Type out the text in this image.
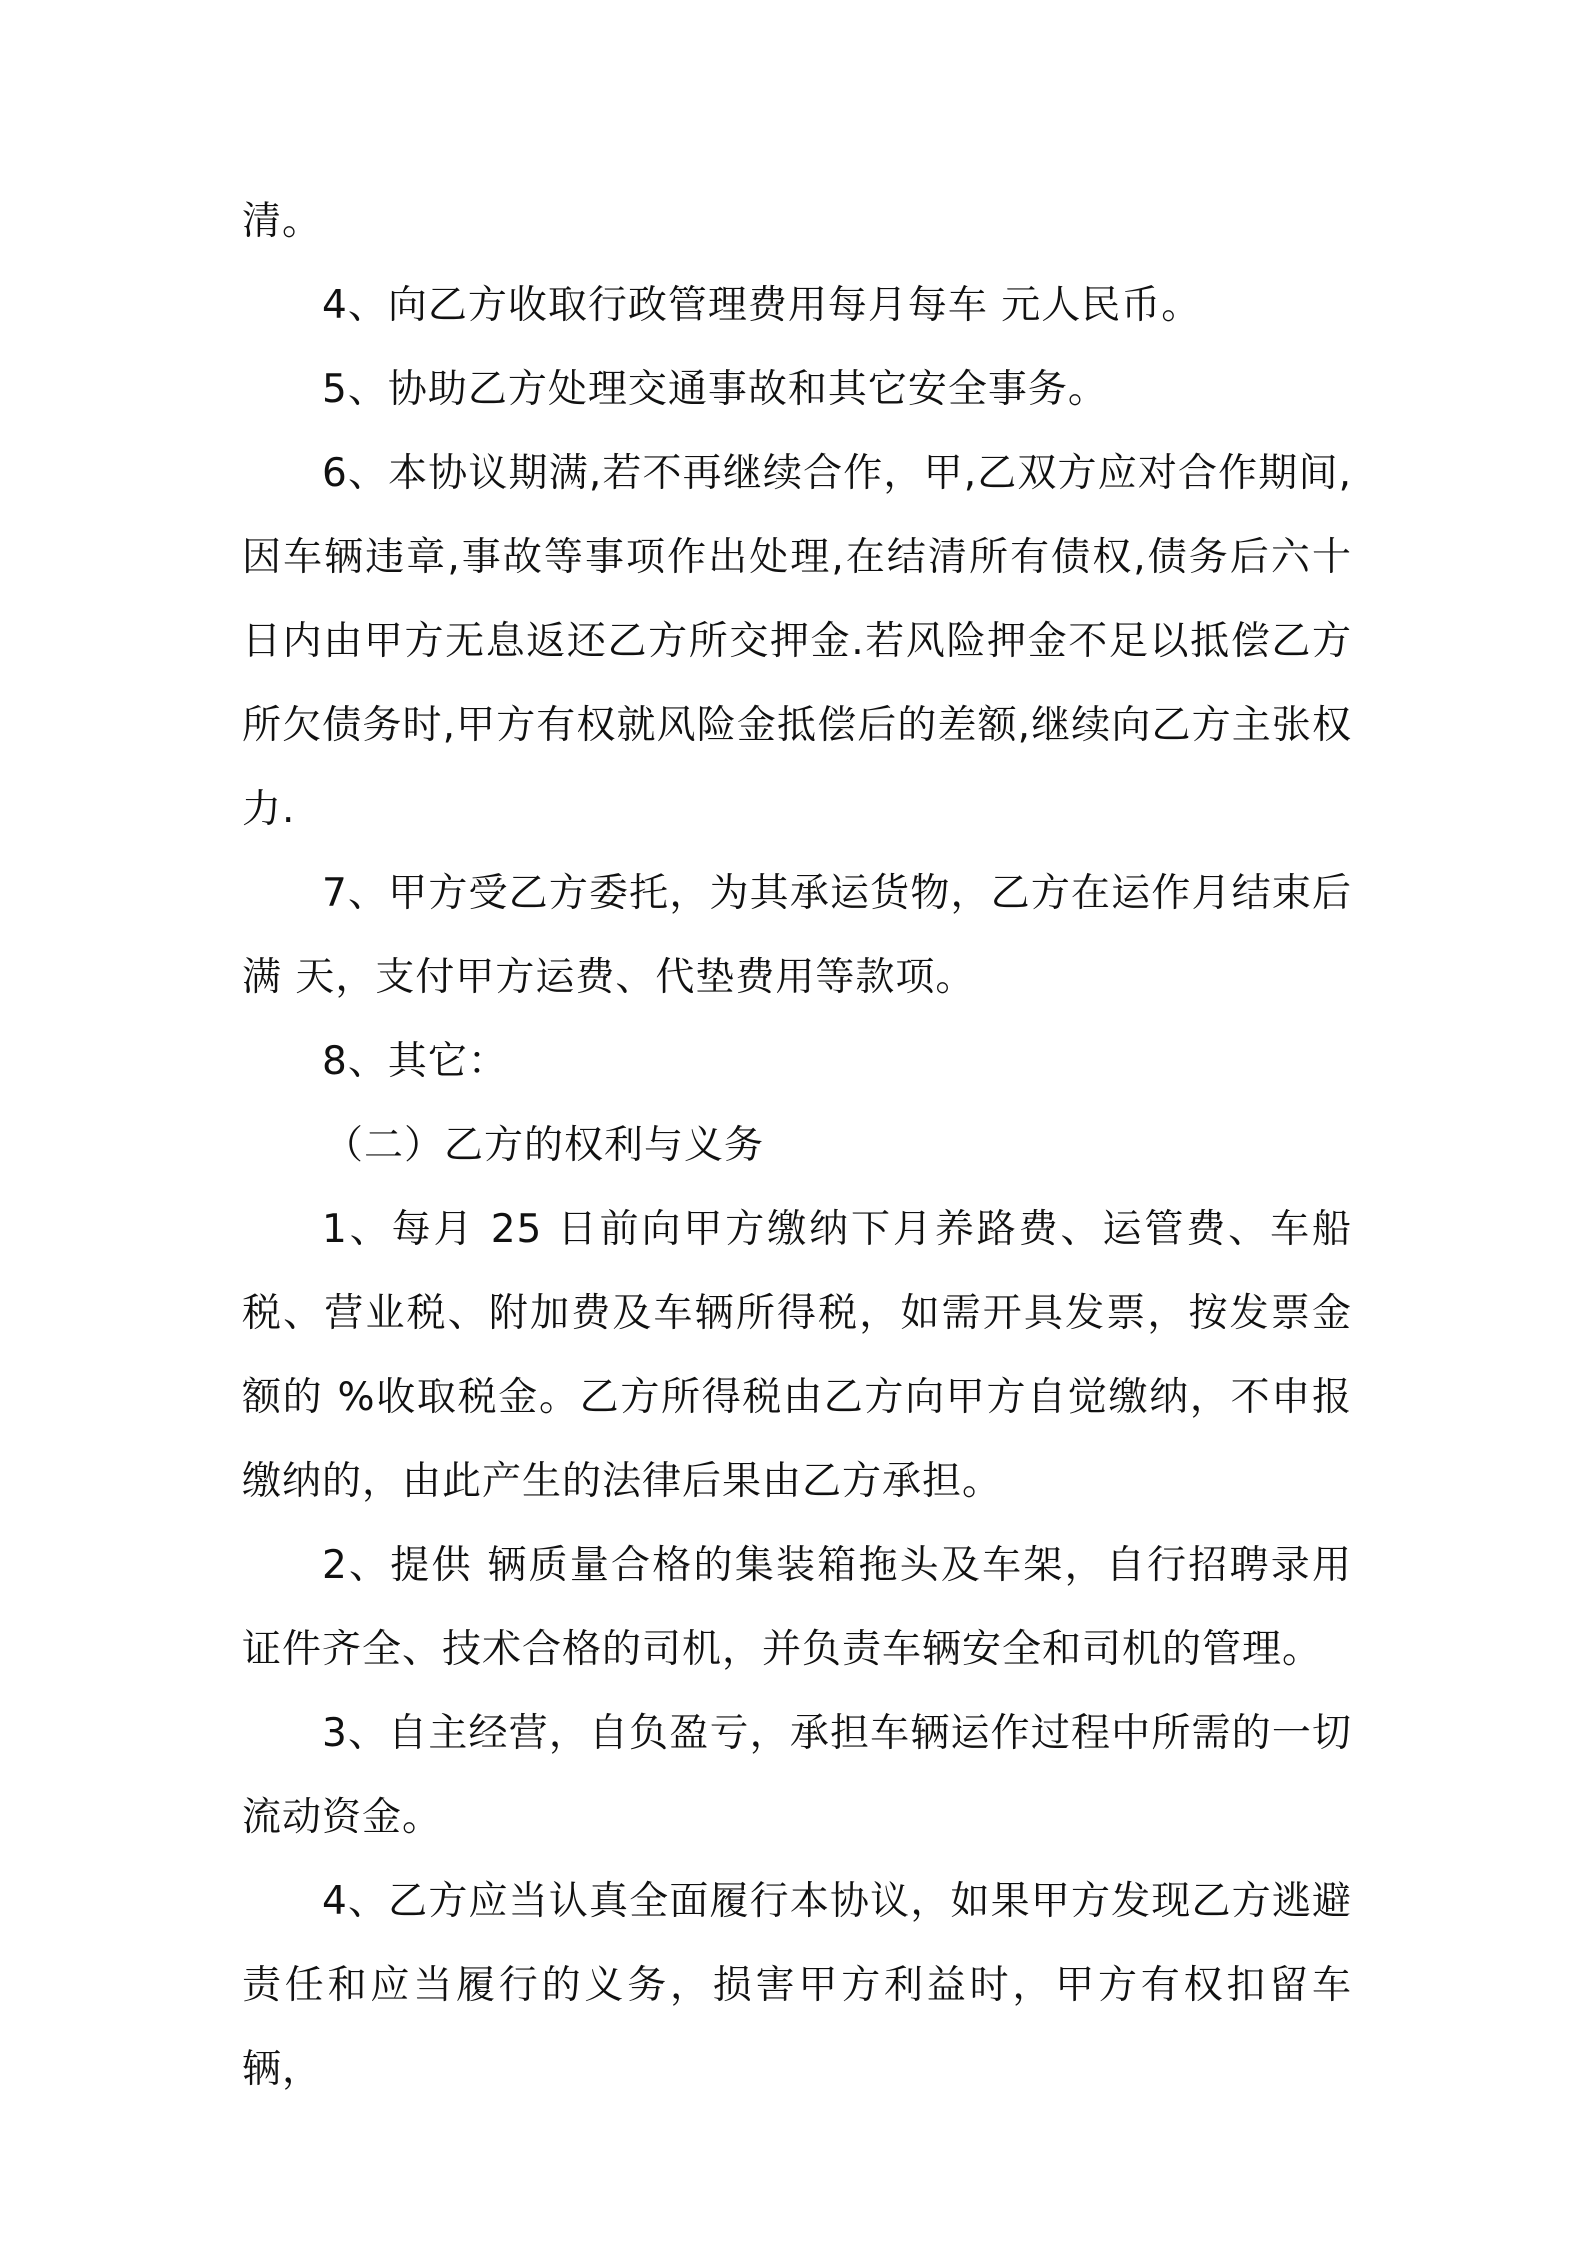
清。

4、向乙方收取行政管理费用每月每车 元人民币。

5、协助乙方处理交通事故和其它安全事务。

6、本协议期满,若不再继续合作，甲,乙双方应对合作期间,因车辆违章,事故等事项作出处理,在结清所有债权,债务后六十日内由甲方无息返还乙方所交押金.若风险押金不足以抵偿乙方所欠债务时,甲方有权就风险金抵偿后的差额,继续向乙方主张权力.

7、甲方受乙方委托，为其承运货物，乙方在运作月结束后满 天，支付甲方运费、代垫费用等款项。

8、其它：

（二）乙方的权利与义务

1、每月 25 日前向甲方缴纳下月养路费、运管费、车船税、营业税、附加费及车辆所得税，如需开具发票，按发票金额的 %收取税金。乙方所得税由乙方向甲方自觉缴纳，不申报缴纳的，由此产生的法律后果由乙方承担。

2、提供 辆质量合格的集装箱拖头及车架，自行招聘录用证件齐全、技术合格的司机，并负责车辆安全和司机的管理。

3、自主经营，自负盈亏，承担车辆运作过程中所需的一切流动资金。

4、乙方应当认真全面履行本协议，如果甲方发现乙方逃避责任和应当履行的义务，损害甲方利益时，甲方有权扣留车辆，
